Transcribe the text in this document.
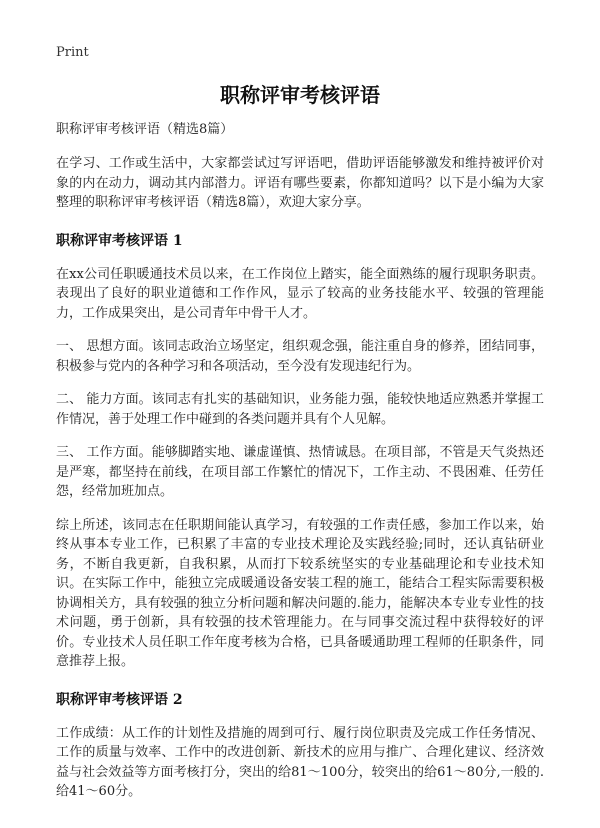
Print
职称评审考核评语
职称评审考核评语（精选8篇）

在学习、工作或生活中，大家都尝试过写评语吧，借助评语能够激发和维持被评价对象的内在动力，调动其内部潜力。评语有哪些要素，你都知道吗？以下是小编为大家整理的职称评审考核评语（精选8篇），欢迎大家分享。

职称评审考核评语 1

在xx公司任职暖通技术员以来，在工作岗位上踏实，能全面熟练的履行现职务职责。表现出了良好的职业道德和工作作风，显示了较高的业务技能水平、较强的管理能力，工作成果突出，是公司青年中骨干人才。

一、 思想方面。该同志政治立场坚定，组织观念强，能注重自身的修养，团结同事，积极参与党内的各种学习和各项活动，至今没有发现违纪行为。

二、 能力方面。该同志有扎实的基础知识，业务能力强，能较快地适应熟悉并掌握工作情况，善于处理工作中碰到的各类问题并具有个人见解。

三、 工作方面。能够脚踏实地、谦虚谨慎、热情诚恳。在项目部，不管是天气炎热还是严寒，都坚持在前线，在项目部工作繁忙的情况下，工作主动、不畏困难、任劳任怨，经常加班加点。

综上所述，该同志在任职期间能认真学习，有较强的工作责任感，参加工作以来，始终从事本专业工作，已积累了丰富的专业技术理论及实践经验;同时，还认真钻研业务，不断自我更新，自我积累，从而打下较系统坚实的专业基础理论和专业技术知识。在实际工作中，能独立完成暖通设备安装工程的施工，能结合工程实际需要积极协调相关方，具有较强的独立分析问题和解决问题的.能力，能解决本专业专业性的技术问题，勇于创新，具有较强的技术管理能力。在与同事交流过程中获得较好的评价。专业技术人员任职工作年度考核为合格，已具备暖通助理工程师的任职条件，同意推荐上报。

职称评审考核评语 2

工作成绩：从工作的计划性及措施的周到可行、履行岗位职责及完成工作任务情况、工作的质量与效率、工作中的改进创新、新技术的应用与推广、合理化建议、经济效益与社会效益等方面考核打分，突出的给81～100分，较突出的给61～80分,一般的.给41～60分。
